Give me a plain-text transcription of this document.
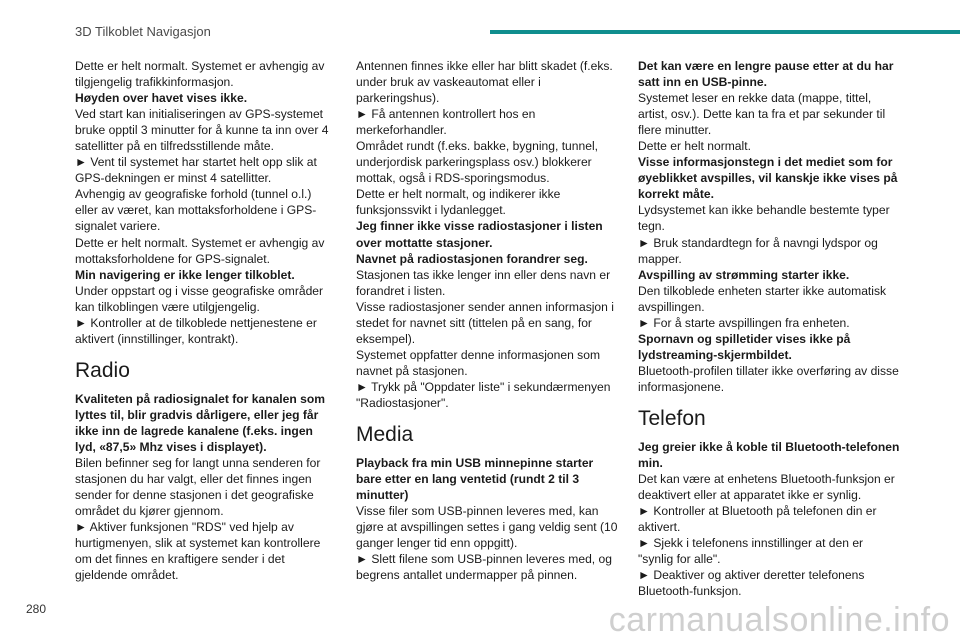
3D Tilkoblet Navigasjon

Dette er helt normalt. Systemet er avhengig av tilgjengelig trafikkinformasjon.

Høyden over havet vises ikke.

Ved start kan initialiseringen av GPS-systemet bruke opptil 3 minutter for å kunne ta inn over 4 satellitter på en tilfredsstillende måte.

► Vent til systemet har startet helt opp slik at GPS-dekningen er minst 4 satellitter.

Avhengig av geografiske forhold (tunnel o.l.) eller av været, kan mottaksforholdene i GPS-signalet variere.

Dette er helt normalt. Systemet er avhengig av mottaksforholdene for GPS-signalet.

Min navigering er ikke lenger tilkoblet.

Under oppstart og i visse geografiske områder kan tilkoblingen være utilgjengelig.

► Kontroller at de tilkoblede nettjenestene er aktivert (innstillinger, kontrakt).

Radio

Kvaliteten på radiosignalet for kanalen som lyttes til, blir gradvis dårligere, eller jeg får ikke inn de lagrede kanalene (f.eks. ingen lyd, «87,5» Mhz vises i displayet).

Bilen befinner seg for langt unna senderen for stasjonen du har valgt, eller det finnes ingen sender for denne stasjonen i det geografiske området du kjører gjennom.

► Aktiver funksjonen "RDS" ved hjelp av hurtigmenyen, slik at systemet kan kontrollere om det finnes en kraftigere sender i det gjeldende området.

Antennen finnes ikke eller har blitt skadet (f.eks. under bruk av vaskeautomat eller i parkeringshus).

► Få antennen kontrollert hos en merkeforhandler.

Området rundt (f.eks. bakke, bygning, tunnel, underjordisk parkeringsplass osv.) blokkerer mottak, også i RDS-sporingsmodus.

Dette er helt normalt, og indikerer ikke funksjonssvikt i lydanlegget.

Jeg finner ikke visse radiostasjoner i listen over mottatte stasjoner.

Navnet på radiostasjonen forandrer seg.

Stasjonen tas ikke lenger inn eller dens navn er forandret i listen.

Visse radiostasjoner sender annen informasjon i stedet for navnet sitt (tittelen på en sang, for eksempel).

Systemet oppfatter denne informasjonen som navnet på stasjonen.

► Trykk på "Oppdater liste" i sekundærmenyen "Radiostasjoner".

Media

Playback fra min USB minnepinne starter bare etter en lang ventetid (rundt 2 til 3 minutter)

Visse filer som USB-pinnen leveres med, kan gjøre at avspillingen settes i gang veldig sent (10 ganger lenger tid enn oppgitt).

► Slett filene som USB-pinnen leveres med, og begrens antallet undermapper på pinnen.

Det kan være en lengre pause etter at du har satt inn en USB-pinne.

Systemet leser en rekke data (mappe, tittel, artist, osv.). Dette kan ta fra et par sekunder til flere minutter.

Dette er helt normalt.

Visse informasjonstegn i det mediet som for øyeblikket avspilles, vil kanskje ikke vises på korrekt måte.

Lydsystemet kan ikke behandle bestemte typer tegn.

► Bruk standardtegn for å navngi lydspor og mapper.

Avspilling av strømming starter ikke.

Den tilkoblede enheten starter ikke automatisk avspillingen.

► For å starte avspillingen fra enheten.

Spornavn og spilletider vises ikke på lydstreaming-skjermbildet.

Bluetooth-profilen tillater ikke overføring av disse informasjonene.

Telefon

Jeg greier ikke å koble til Bluetooth-telefonen min.

Det kan være at enhetens Bluetooth-funksjon er deaktivert eller at apparatet ikke er synlig.

► Kontroller at Bluetooth på telefonen din er aktivert.

► Sjekk i telefonens innstillinger at den er "synlig for alle".

► Deaktiver og aktiver deretter telefonens Bluetooth-funksjon.

280	carmanualsonline.info
